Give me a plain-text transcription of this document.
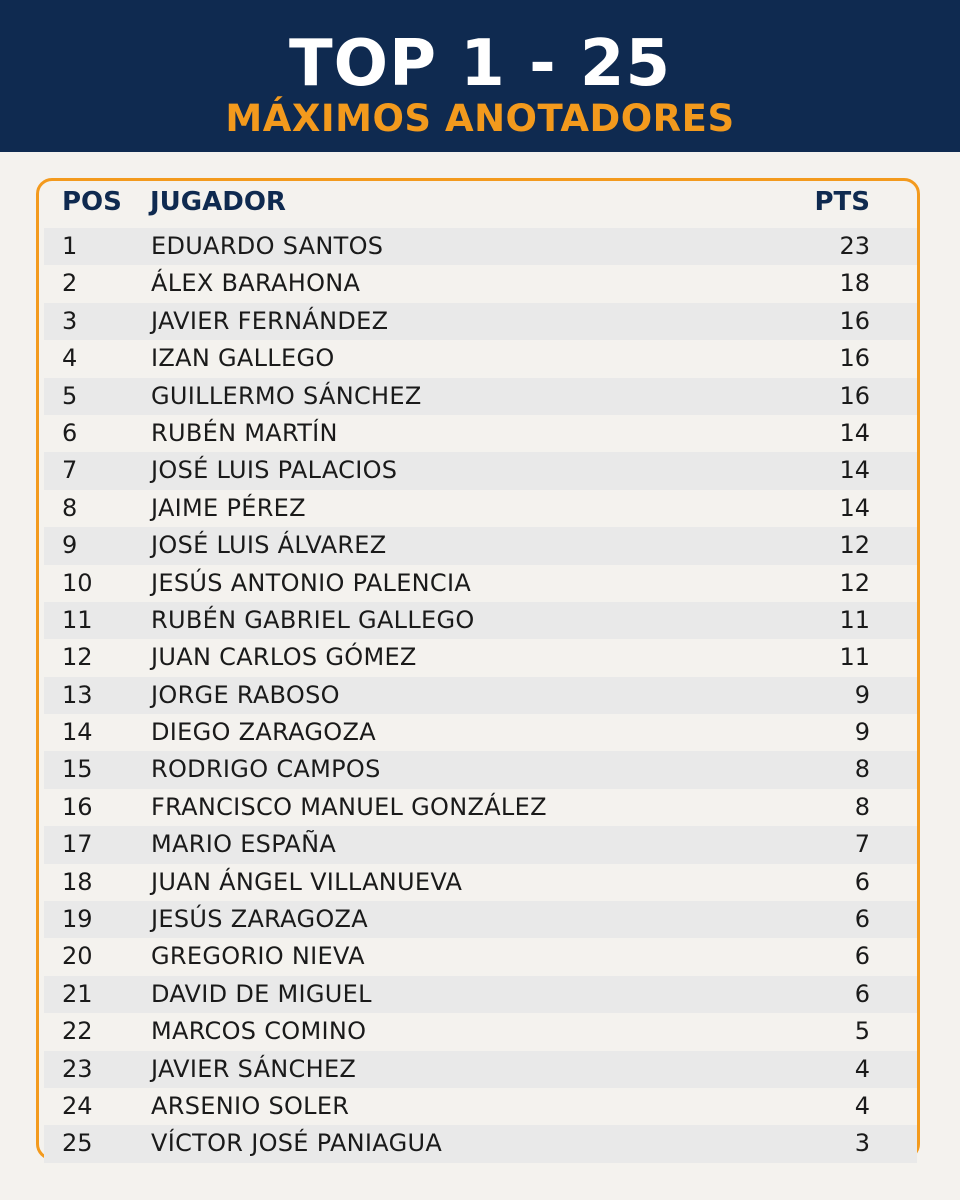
TOP 1 - 25
MÁXIMOS ANOTADORES
POS JUGADOR	PTS
1	EDUARDO SANTOS	23
2	ÁLEX BARAHONA	18
3	JAVIER FERNÁNDEZ	16
4	IZAN GALLEGO	16
5	GUILLERMO SÁNCHEZ	16
6	RUBÉN MARTÍN	14
7	JOSÉ LUIS PALACIOS	14
8	JAIME PÉREZ	14
9	JOSÉ LUIS ÁLVAREZ	12
10 JESÚS ANTONIO PALENCIA	12
11 RUBÉN GABRIEL GALLEGO	11
12 JUAN CARLOS GÓMEZ	11
13 JORGE RABOSO	9
14 DIEGO ZARAGOZA	9
15 RODRIGO CAMPOS	8
16 FRANCISCO MANUEL GONZÁLEZ	8
17 MARIO ESPAÑA	7
18 JUAN ÁNGEL VILLANUEVA	6
19 JESÚS ZARAGOZA	6
20 GREGORIO NIEVA	6
21 DAVID DE MIGUEL	6
22 MARCOS COMINO	5
23 JAVIER SÁNCHEZ	4
24 ARSENIO SOLER	4
25 VÍCTOR JOSÉ PANIAGUA	3
